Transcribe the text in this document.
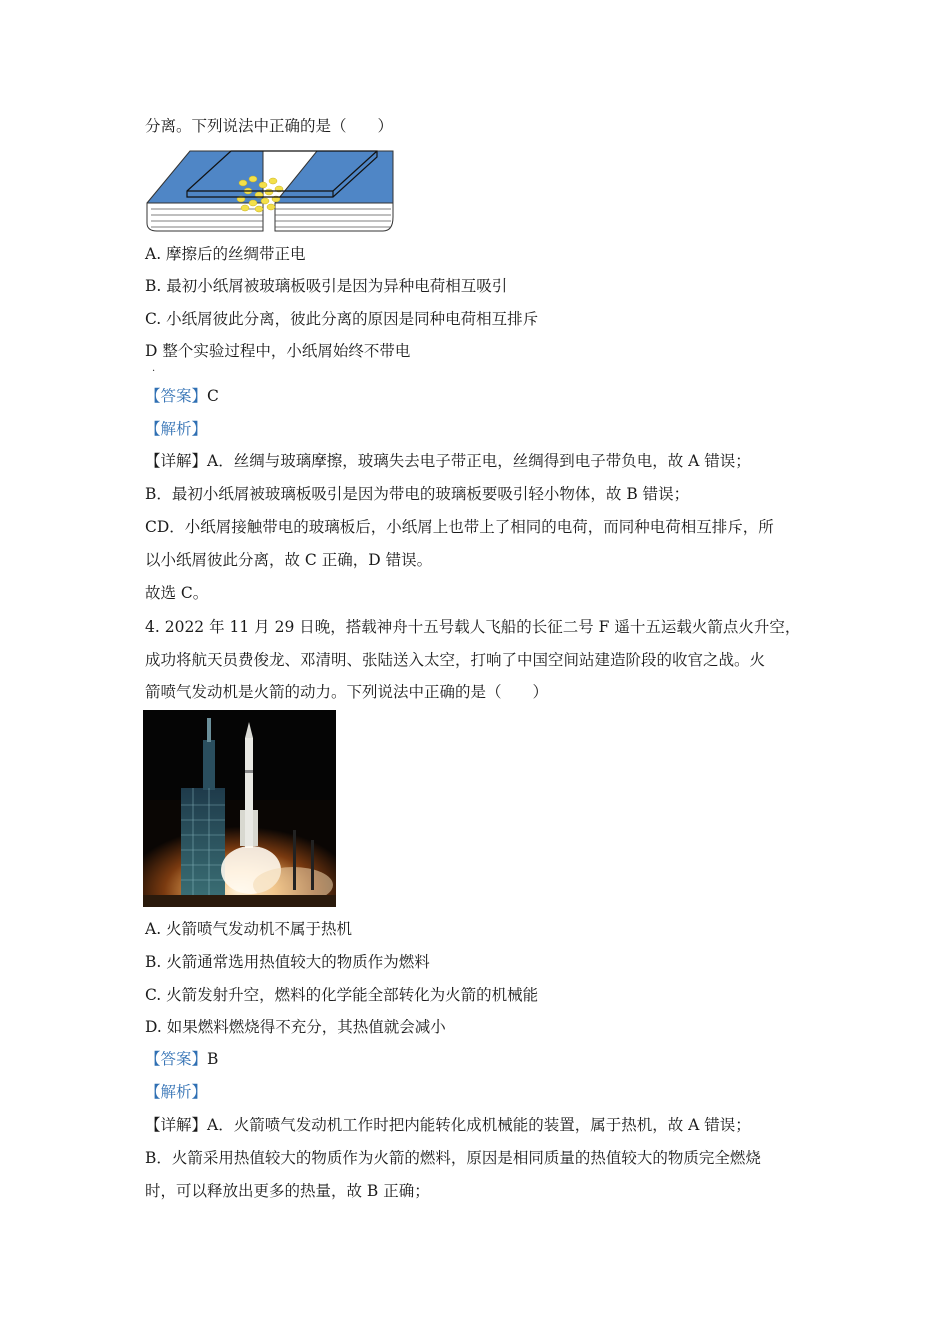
分离。下列说法中正确的是（　　）
A. 摩擦后的丝绸带正电
B. 最初小纸屑被玻璃板吸引是因为异种电荷相互吸引
C. 小纸屑彼此分离，彼此分离的原因是同种电荷相互排斥
D 整个实验过程中，小纸屑始终不带电
·
【答案】C
【解析】
【详解】A．丝绸与玻璃摩擦，玻璃失去电子带正电，丝绸得到电子带负电，故 A 错误；
B．最初小纸屑被玻璃板吸引是因为带电的玻璃板要吸引轻小物体，故 B 错误；
CD．小纸屑接触带电的玻璃板后，小纸屑上也带上了相同的电荷，而同种电荷相互排斥，所
以小纸屑彼此分离，故 C 正确，D 错误。
故选 C。
4. 2022 年 11 月 29 日晚，搭载神舟十五号载人飞船的长征二号 F 遥十五运载火箭点火升空，
成功将航天员费俊龙、邓清明、张陆送入太空，打响了中国空间站建造阶段的收官之战。火
箭喷气发动机是火箭的动力。下列说法中正确的是（　　）
A. 火箭喷气发动机不属于热机
B. 火箭通常选用热值较大的物质作为燃料
C. 火箭发射升空，燃料的化学能全部转化为火箭的机械能
D. 如果燃料燃烧得不充分，其热值就会减小
【答案】B
【解析】
【详解】A．火箭喷气发动机工作时把内能转化成机械能的装置，属于热机，故 A 错误；
B．火箭采用热值较大的物质作为火箭的燃料，原因是相同质量的热值较大的物质完全燃烧
时，可以释放出更多的热量，故 B 正确；
